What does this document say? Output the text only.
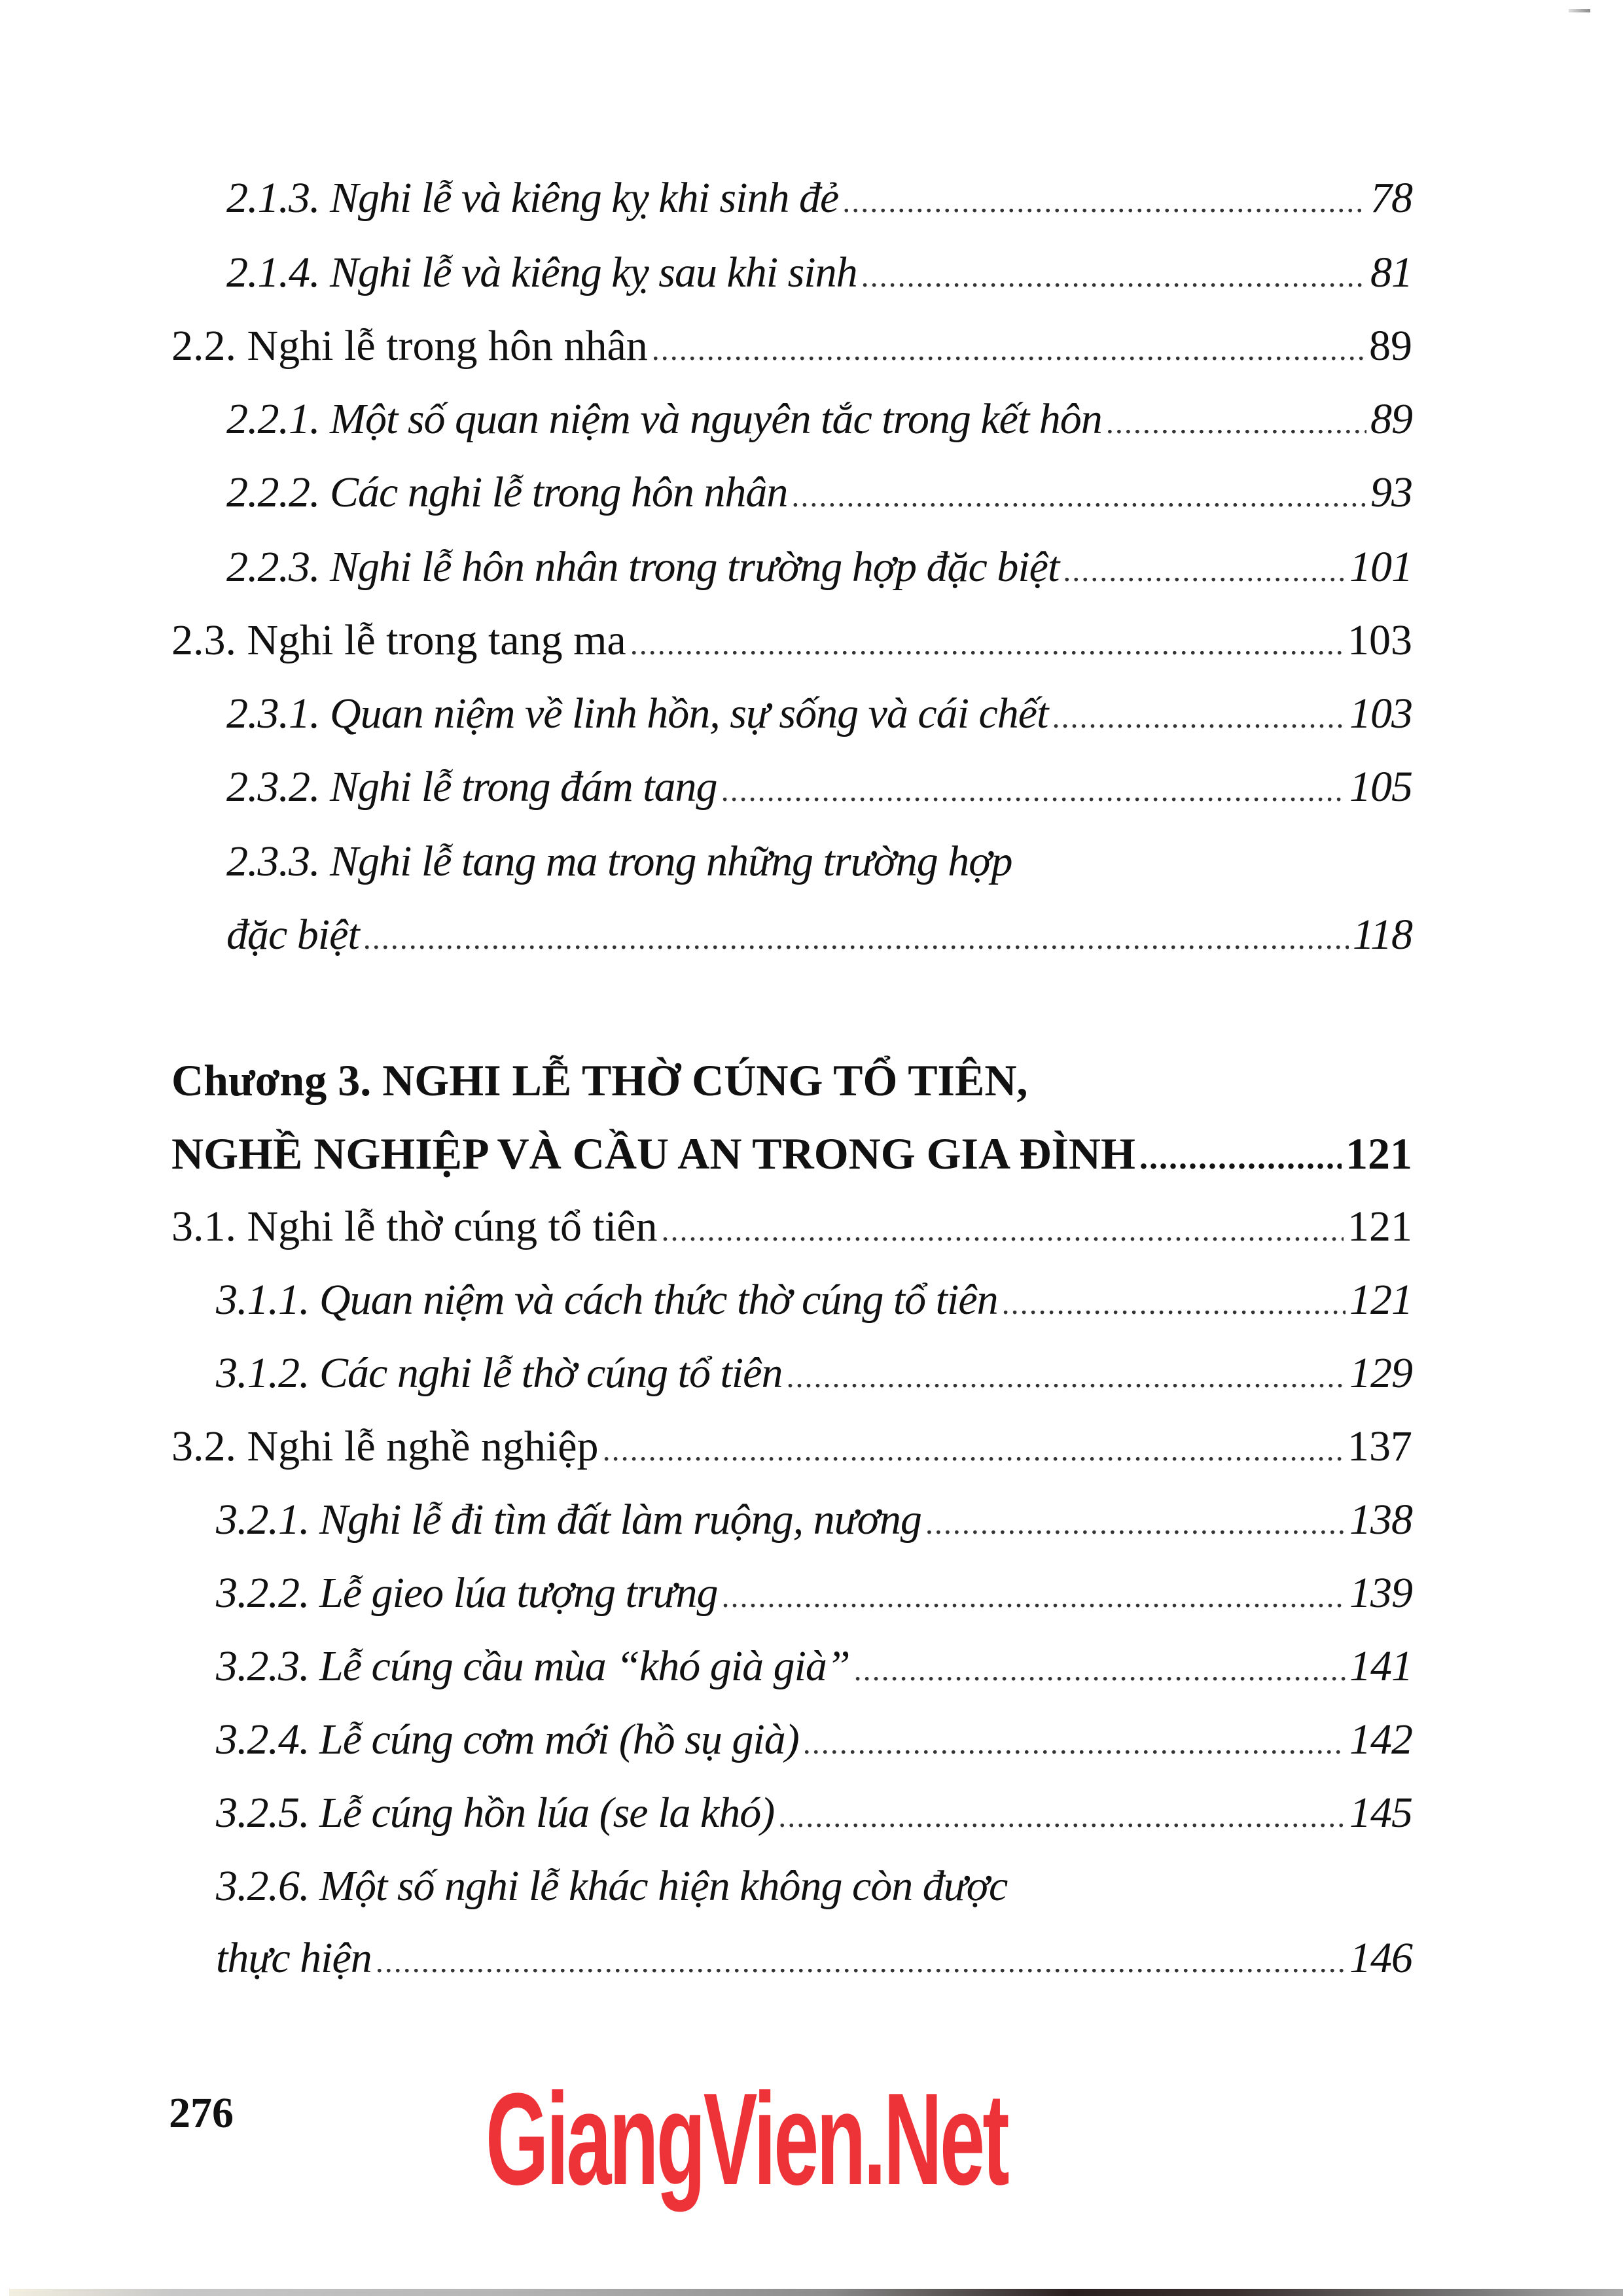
2.1.3. Nghi lễ và kiêng kỵ khi sinh đẻ .....	78
2.1.4. Nghi lễ và kiêng kỵ sau khi sinh .....	81
2.2. Nghi lễ trong hôn nhân .....	89
2.2.1. Một số quan niệm và nguyên tắc trong kết hôn .....	89
2.2.2. Các nghi lễ trong hôn nhân .....	93
2.2.3. Nghi lễ hôn nhân trong trường hợp đặc biệt .....	101
2.3. Nghi lễ trong tang ma .....	103
2.3.1. Quan niệm về linh hồn, sự sống và cái chết .....	103
2.3.2. Nghi lễ trong đám tang .....	105
2.3.3. Nghi lễ tang ma trong những trường hợp
đặc biệt .....	118
Chương 3. NGHI LỄ THỜ CÚNG TỔ TIÊN,
NGHỀ NGHIỆP VÀ CẦU AN TRONG GIA ĐÌNH .....	121
3.1. Nghi lễ thờ cúng tổ tiên .....	121
3.1.1. Quan niệm và cách thức thờ cúng tổ tiên .....	121
3.1.2. Các nghi lễ thờ cúng tổ tiên .....	129
3.2. Nghi lễ nghề nghiệp .....	137
3.2.1. Nghi lễ đi tìm đất làm ruộng, nương .....	138
3.2.2. Lễ gieo lúa tượng trưng .....	139
3.2.3. Lễ cúng cầu mùa “khó già già” .....	141
3.2.4. Lễ cúng cơm mới (hồ sụ già) .....	142
3.2.5. Lễ cúng hồn lúa (se la khó) .....	145
3.2.6. Một số nghi lễ khác hiện không còn được
thực hiện .....	146
276 GiangVien.Net
